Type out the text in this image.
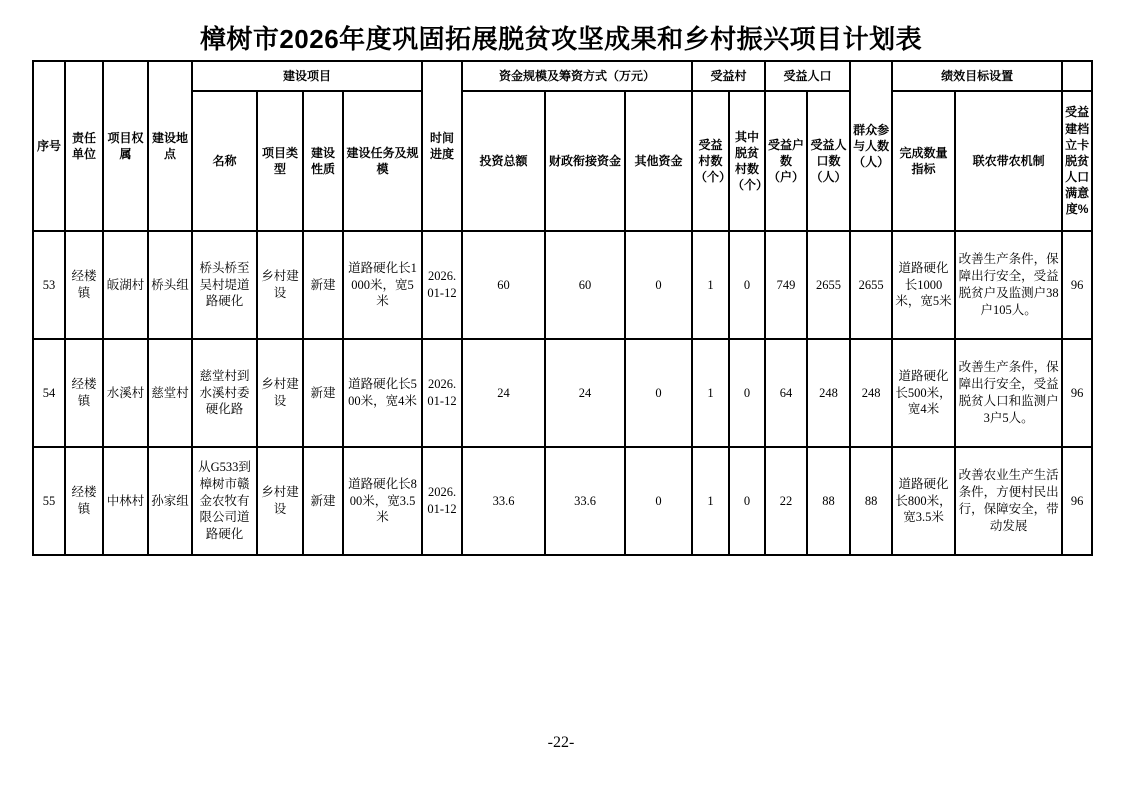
樟树市2026年度巩固拓展脱贫攻坚成果和乡村振兴项目计划表
序号	责任单位	项目权属	建设地点	建设项目				时间进度	资金规模及筹资方式（万元）			受益村		受益人口		群众参与人数（人）	绩效目标设置		
				名称	项目类型	建设性质	建设任务及规模		投资总额	财政衔接资金	其他资金	受益村数（个）	其中脱贫村数（个）	受益户数（户）	受益人口数（人）		完成数量指标	联农带农机制	受益建档立卡脱贫人口满意度%
53	经楼镇	皈湖村	桥头组	桥头桥至吴村堤道路硬化	乡村建设	新建	道路硬化长1000米，宽5米	2026.01-12	60	60	0	1	0	749	2655	2655	道路硬化长1000米，宽5米	改善生产条件，保障出行安全，受益脱贫户及监测户38户105人。	96
54	经楼镇	水溪村	慈堂村	慈堂村到水溪村委硬化路	乡村建设	新建	道路硬化长500米，宽4米	2026.01-12	24	24	0	1	0	64	248	248	道路硬化长500米，宽4米	改善生产条件，保障出行安全，受益脱贫人口和监测户3户5人。	96
55	经楼镇	中林村	孙家组	从G533到樟树市赣金农牧有限公司道路硬化	乡村建设	新建	道路硬化长800米，宽3.5米	2026.01-12	33.6	33.6	0	1	0	22	88	88	道路硬化长800米，宽3.5米	改善农业生产生活条件，方便村民出行，保障安全，带动发展	96
-22-
